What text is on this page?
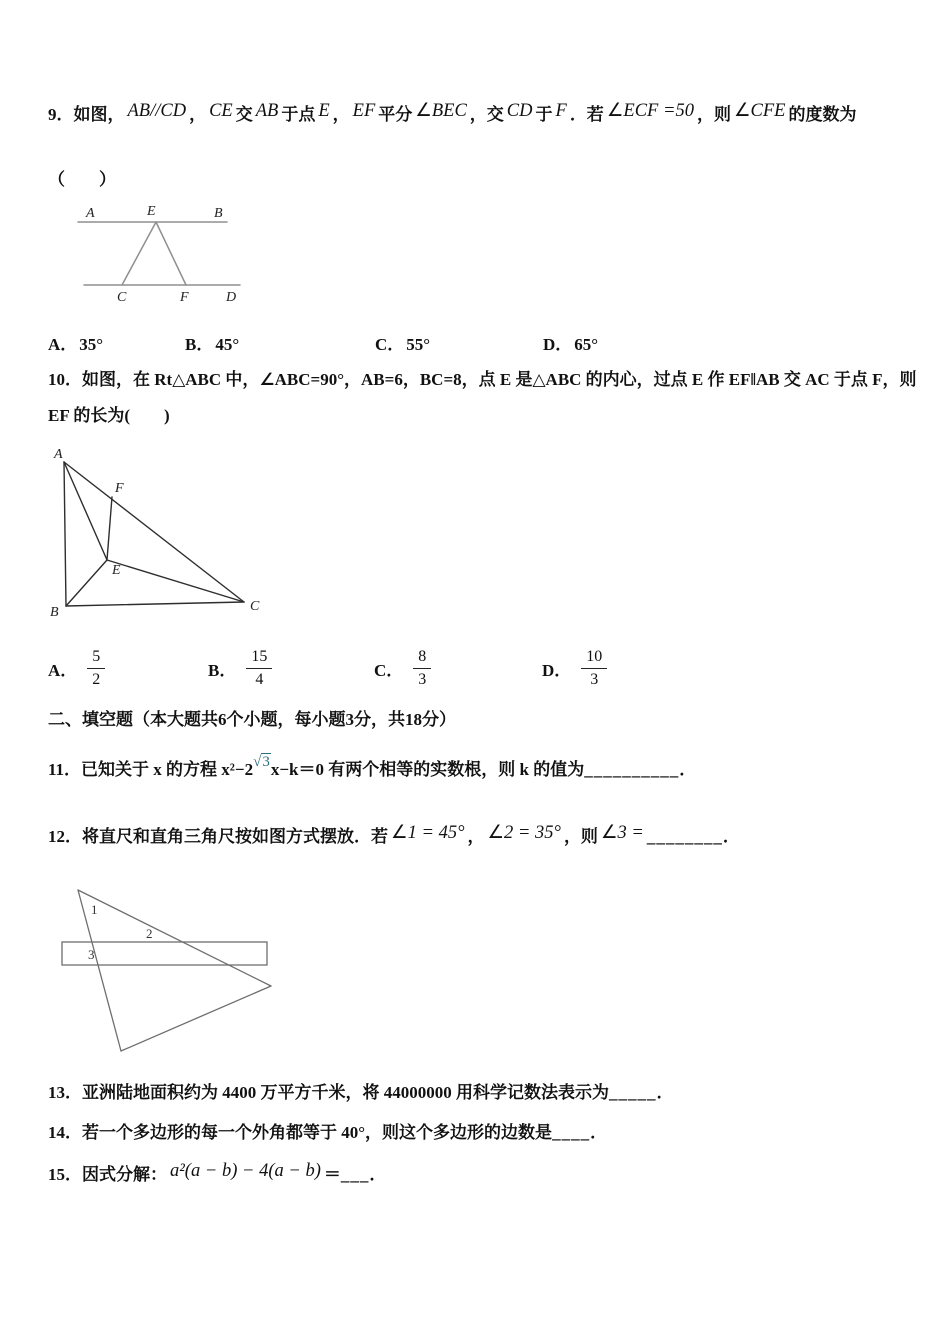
9．如图， AB//CD ， CE 交 AB 于点 E ， EF 平分 ∠BEC ，交 CD 于 F ．若 ∠ECF =50 ，则 ∠CFE 的度数为
（　　）
A	E	B
C	F	D
A． 35°	B． 45°	C． 55°	D． 65°
10．如图，在 Rt△ABC 中，∠ABC=90°，AB=6，BC=8，点 E 是△ABC 的内心，过点 E 作 EF‖AB 交 AC 于点 F，则
EF 的长为(　　)
A
F
E
B	C
A． $\frac{5}{2}$	B． $\frac{15}{4}$	C． $\frac{8}{3}$	D． $\frac{10}{3}$
二、填空题（本大题共6个小题，每小题3分，共18分）
11．已知关于 x 的方程 x²−2√3x−k＝0 有两个相等的实数根，则 k 的值为__________．
12．将直尺和直角三角尺按如图方式摆放．若 ∠1 = 45° ， ∠2 = 35° ，则 ∠3 = ________．
1
2
3
13．亚洲陆地面积约为 4400 万平方千米，将 44000000 用科学记数法表示为_____．
14．若一个多边形的每一个外角都等于 40°，则这个多边形的边数是____．
15．因式分解： a²(a − b) − 4(a − b) ＝___．
